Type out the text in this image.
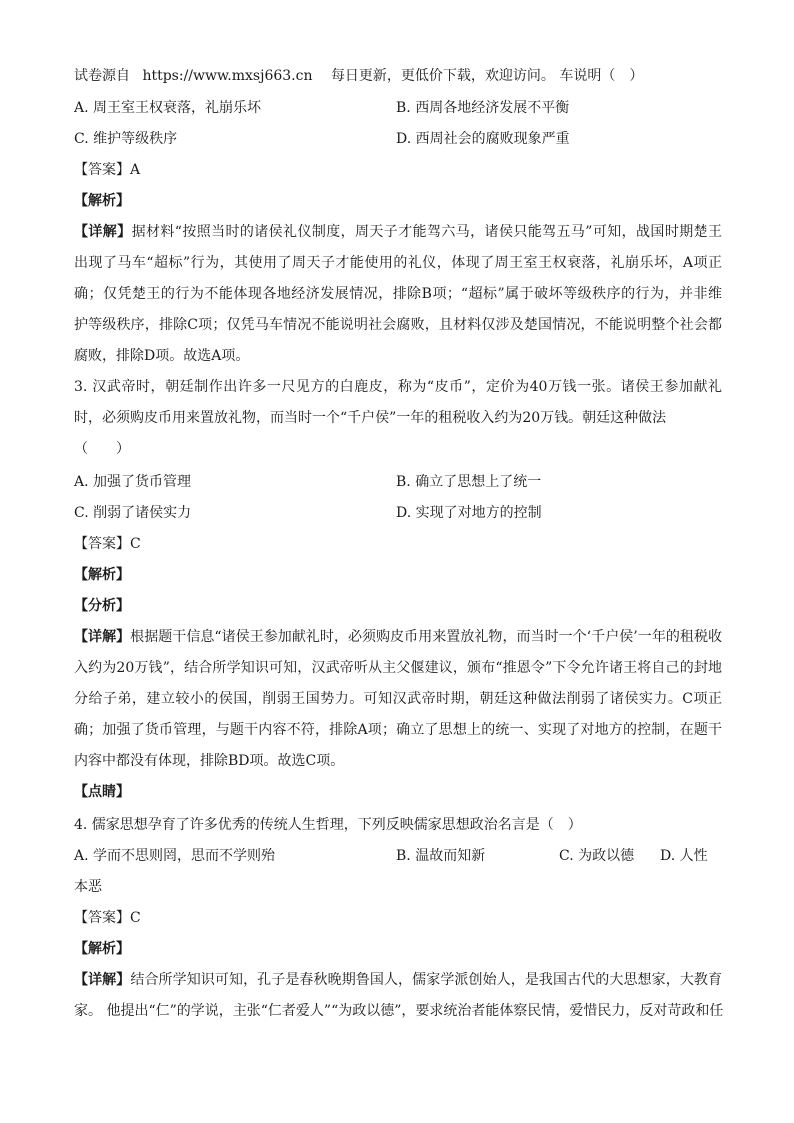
试卷源自 https://www.mxsj663.cn 每日更新，更低价下载，欢迎访问。 车说明（　）
A. 周王室王权衰落，礼崩乐坏	B. 西周各地经济发展不平衡
C. 维护等级秩序	D. 西周社会的腐败现象严重
【答案】A
【解析】
【详解】据材料“按照当时的诸侯礼仪制度，周天子才能驾六马，诸侯只能驾五马”可知，战国时期楚王
出现了马车“超标”行为，其使用了周天子才能使用的礼仪，体现了周王室王权衰落，礼崩乐坏，A项正
确；仅凭楚王的行为不能体现各地经济发展情况，排除B项；“超标”属于破坏等级秩序的行为，并非维
护等级秩序，排除C项；仅凭马车情况不能说明社会腐败，且材料仅涉及楚国情况，不能说明整个社会都
腐败，排除D项。故选A项。
3. 汉武帝时，朝廷制作出许多一尺见方的白鹿皮，称为“皮币”，定价为40万钱一张。诸侯王参加献礼
时，必须购皮币用来置放礼物，而当时一个“千户侯”一年的租税收入约为20万钱。朝廷这种做法
（　　）
A. 加强了货币管理	B. 确立了思想上了统一
C. 削弱了诸侯实力	D. 实现了对地方的控制
【答案】C
【解析】
【分析】
【详解】根据题干信息“诸侯王参加献礼时，必须购皮币用来置放礼物，而当时一个‘千户侯’一年的租税收
入约为20万钱”，结合所学知识可知，汉武帝听从主父偃建议，颁布“推恩令”下令允许诸王将自己的封地
分给子弟，建立较小的侯国，削弱王国势力。可知汉武帝时期，朝廷这种做法削弱了诸侯实力。C项正
确；加强了货币管理，与题干内容不符，排除A项；确立了思想上的统一、实现了对地方的控制，在题干
内容中都没有体现，排除BD项。故选C项。
【点睛】
4. 儒家思想孕育了许多优秀的传统人生哲理，下列反映儒家思想政治名言是（　）
A. 学而不思则罔，思而不学则殆	B. 温故而知新	C. 为政以德 D. 人性
本恶
【答案】C
【解析】
【详解】结合所学知识可知，孔子是春秋晚期鲁国人，儒家学派创始人，是我国古代的大思想家，大教育
家。 他提出“仁”的学说，主张“仁者爱人”“为政以德”，要求统治者能体察民情，爱惜民力，反对苛政和任
